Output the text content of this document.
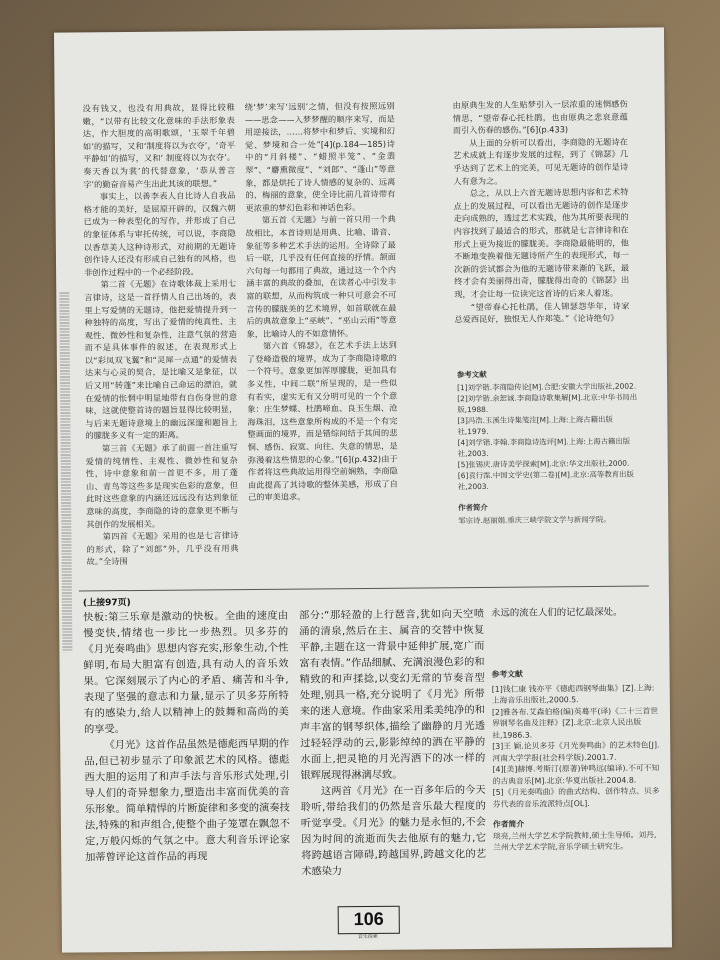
没有钱又，也没有用典故，显得比较稚嫩，“以带有比较文化意味的手法形象表达，作大胆度的高明歌颂，‘玉翠千年碧如’的描写，又和‘制度将以为衣夺’，‘奇平平静如’的描写，又和‘ 制度将以为衣夺’。奏天香以为裳’的代替意象，‘恭从普言字’的勤奋音易产生出此其该的联想。”

事实上，以善李表人自比诗人自我品格才能的美好，是屈原开辟的，汉魏六朝已成为一种表型化的写作，并形成了自己的象征体系与审托传统，可以说，李商隐以香草美人这种诗形式，对前期的无题诗创作诗人还没有形成自己独有的风格，也非创作过程中的一个必经阶段。

第二首《无题》在诗歌体裁上采用七言律诗，这是一首抒情人自己出场的，表里上写爱情的无题诗，他把爱情提升到一种独特的高度，写出了爱情的纯真性、主观性、微妙性和复杂性，注意气氛的营造而不是具体事件的叙述，在表现形式上以“彩凤双飞翼”和“灵犀一点通”的爱情表达来与心灵的契合，是比喻又是象征，以后又用“转蓬”来比喻自己命运的漂泊，就在爱情的怅惘中明显地带有自伤身世的意味，这就使整首诗的题旨显得比较明显，与后来无题诗意境上的幽远深邃和题旨上的朦胧多义有一定的距离。

第三首《无题》承了前面一首注重写爱情的纯情性、主观性、微妙性和复杂性，诗中意象和前一首更不多，用了蓬山、青鸟等这些多是现实色彩的意象，但此时这些意象的内涵还远远没有达到象征意味的高度，李商隐的诗的意象更不断与其创作的发展相关。

第四首《无题》采用的也是七言律诗的形式，除了“刘郎”外，几乎没有用典故。”全诗围

绕‘梦’来写‘远别’之情，但没有按照远别——思念——入梦梦醒的顺序来写，而是用逆接法，……将梦中和梦后、实境和幻觉、梦境和合一处”[4](p.184—185)诗中的“月斜楼”、“蜡照半笼”、“金翡翠”、“麝熏微度”、“刘郎”、“蓬山”等意象，都是烘托了诗人情感的复杂的、远离的、梅丽的意象，使全诗比前几首诗带有更浓重的梦幻色彩和神话色彩。

第五首《无题》与前一首只用一个典故相比，本首诗则是用典、比喻、谐音、象征等多种艺术手法的运用。全诗除了最后一联，几乎没有任何直接的抒情。颔面六句每一句都用了典故，通过这一个个内涵丰富的典故的叠加，在读者心中引发丰富的联想，从而构筑成一种只可意会不可言传的朦胧美的艺术境界，如首联就在最后的典故意象上“巫峡”、“巫山云雨”等意象，比喻诗人的不如意情怀。

第六首《锦瑟》，在艺术手法上达到了登峰造极的境界，成为了李商隐诗歌的一个符号。意象更加浑厚朦胧，更加具有多义性，中间二联”所呈现的，是一些似有若实，虚实无有又分明可见的一个个意象：庄生梦蝶、杜鹃啼血、良玉生烟、沧海珠泪，这些意象所构成的不是一个有完整画面的境界，而是错综间结于其间的悲恫、感伤、寂寞、向往、失意的情思，是弥漫着这些情思的心象。”[6](p.432)由于作者将这些典故运用得空前娴熟，李商隐由此提高了其诗歌的整体美感，形成了自己的审美追求。

由原典生发的人生贴梦引入一层浓重的迷惘感伤情思，“望帝春心托杜鹃，也由原典之悲哀意蕴而引入伤春的感伤。”[6](p.433)

从上面的分析可以看出，李商隐的无题诗在艺术成就上有逐步发展的过程，到了《锦瑟》几乎达到了艺术上的完美，可见无题诗的创作是诗人有意为之。

总之，从以上六首无题诗思想内容和艺术特点上的发展过程，可以看出无题诗的创作是逐步走向成熟的，透过艺术实践，他为其所要表现的内容找到了最适合的形式，那就是七言律诗和在形式上更为接近的朦胧美。李商隐最能明的，他不断地变换着他无题诗所产生的表现形式，每一次新的尝试都会为他的无题诗带来渐的飞跃，最终才会有美丽得出奇，朦胧得出奇的《锦瑟》出现，才会让每一位读完这首诗的后来人着迷。

“望帝春心托杜鹃，佳人锦瑟怨华年，诗家总爱西昆好，独恨无人作郑笺。”《论诗绝句》

参考文献
[1]刘学锴.李商隐传论[M].合肥:安徽大学出版社,2002.
[2]刘学锴.余恕诚.李商隐诗歌集解[M].北京:中华书局出版,1988.
[3]冯浩.玉溪生诗集笺注[M].上海:上海古籍出版社,1979.
[4]刘学锴.李翰.李商隐诗选评[M].上海:上海古籍出版社,2003.
[5]张锡庆.唐诗美学探索[M].北京:华文出版社,2000.
[6]袁行霈.中国文学史(第二卷)[M].北京:高等教育出版社,2003.
作者简介
邹宗诗.赵丽娟.重庆三峡学院文学与新闻学院。
(上接97页)

快板:第三乐章是激动的快板。全曲的速度由慢变快,情绪也一步比一步热烈。贝多芬的《月光奏鸣曲》思想内容充实,形象生动,个性鲜明,布局大胆富有创造,具有动人的音乐效果。它深刻展示了内心的矛盾、痛苦和斗争,表现了坚强的意志和力量,显示了贝多芬所特有的感染力,给人以精神上的鼓舞和高尚的美的享受。

《月光》这首作品虽然是德彪西早期的作品,但已初步显示了印象派艺术的风格。德彪西大胆的运用了和声手法与音乐形式处理,引导人们的奇异想象力,塑造出丰富而优美的音乐形象。简单精悍的片断旋律和多变的演奏技法,特殊的和声组合,使整个曲子笼罩在飘忽不定,万般闪烁的气氛之中。意大利音乐评论家加蒂曾评论这首作品的再现

部分:“那轻盈的上行琶音,犹如向天空喷涌的清泉,然后在主、属音的交替中恢复平静,主题在这一背景中延伸扩展,宽广而富有表情。”作品细腻、充满浪漫色彩的和精致的和声揉捻,以变幻无常的节奏音型处理,别具一格,充分说明了《月光》所带来的迷人意境。作曲家采用柔美纯净的和声丰富的钢琴织体,描绘了幽静的月光透过轻轻浮动的云,影影绰绰的洒在平静的水面上,把灵艳的月光泻洒下的冰一样的银辉展现得淋漓尽致。

这两首《月光》在一百多年后的今天聆听,带给我们的仍然是音乐最大程度的听觉享受。《月光》的魅力是永恒的,不会因为时间的流逝而失去他原有的魅力,它将跨越语言障碍,跨越国界,跨越文化的艺术感染力

永远的流在人们的记忆最深处。
参考文献
[1]钱仁康 钱亦平《德彪西钢琴曲集》[Z].上海:上海音乐出版社,2000.5.
[2]雅各布.艾森伯格(编)英蓦平(译)《二十三首世界钢琴名曲及注释》[Z].北京:北京人民出版社,1986.3.
[3]王 颖.论贝多芬《月光奏鸣曲》的艺术特色[J].河南大学学报(社会科学版).2001.7.
[4][美]赫博.考斯汀(原著)钟鸣远(编译).不可不知的古典音乐[M].北京:华夏出版社.2004.8.
[5]《月光奏鸣曲》的曲式结构、创作特点、贝多芬代表的音乐流派特点[OL].
作者简介
琰亮,兰州大学艺术学院教师,硕士生导师。刘丹,兰州大学艺术学院,音乐学硕士研究生。
106
音乐探索
